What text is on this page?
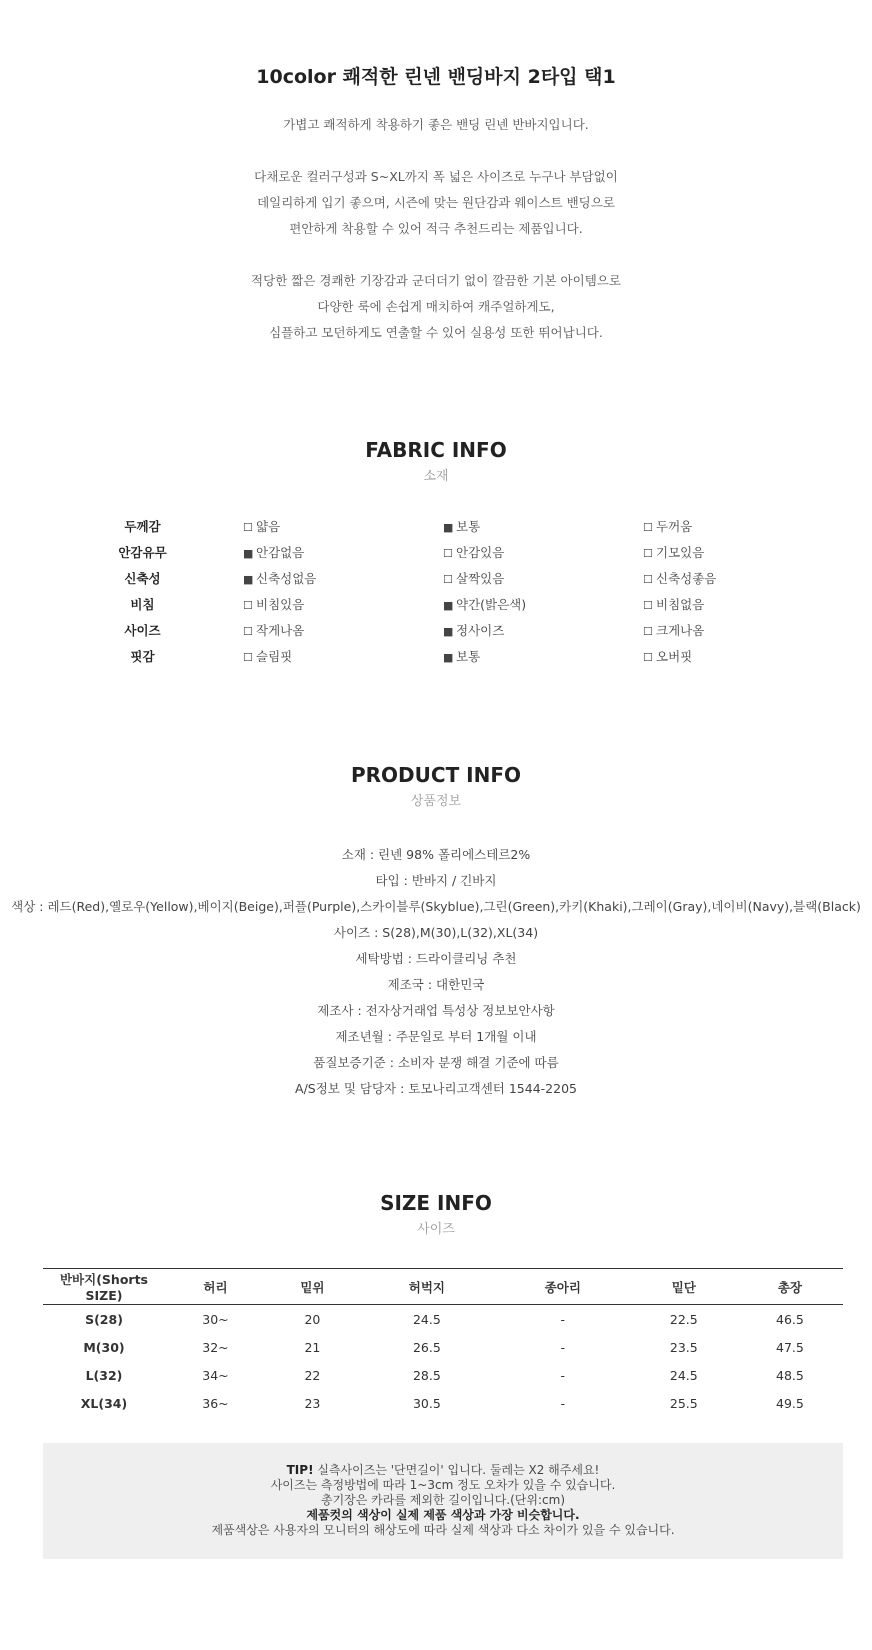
10color 쾌적한 린넨 밴딩바지 2타입 택1
가볍고 쾌적하게 착용하기 좋은 밴딩 린넨 반바지입니다.
다채로운 컬러구성과 S~XL까지 폭 넓은 사이즈로 누구나 부담없이
데일리하게 입기 좋으며, 시즌에 맞는 원단감과 웨이스트 밴딩으로
편안하게 착용할 수 있어 적극 추천드리는 제품입니다.
적당한 짧은 경쾌한 기장감과 군더더기 없이 깔끔한 기본 아이템으로
다양한 룩에 손쉽게 매치하여 캐주얼하게도,
심플하고 모던하게도 연출할 수 있어 실용성 또한 뛰어납니다.
FABRIC INFO
소재
두께감	☐ 얇음	■ 보통	☐ 두꺼움
안감유무	■ 안감없음	☐ 안감있음	☐ 기모있음
신축성	■ 신축성없음	☐ 살짝있음	☐ 신축성좋음
비침	☐ 비침있음	■ 약간(밝은색)	☐ 비침없음
사이즈	☐ 작게나옴	■ 정사이즈	☐ 크게나옴
핏감	☐ 슬림핏	■ 보통	☐ 오버핏
PRODUCT INFO
상품정보
소재 : 린넨 98% 폴리에스테르2%
타입 : 반바지 / 긴바지
색상 : 레드(Red),옐로우(Yellow),베이지(Beige),퍼플(Purple),스카이블루(Skyblue),그린(Green),카키(Khaki),그레이(Gray),네이비(Navy),블랙(Black)
사이즈 : S(28),M(30),L(32),XL(34)
세탁방법 : 드라이클리닝 추천
제조국 : 대한민국
제조사 : 전자상거래업 특성상 정보보안사항
제조년월 : 주문일로 부터 1개월 이내
품질보증기준 : 소비자 분쟁 해결 기준에 따름
A/S정보 및 담당자 : 토모나리고객센터 1544-2205
SIZE INFO
사이즈
반바지(Shorts SIZE)	허리	밑위	허벅지	종아리	밑단	총장
S(28)	30~	20	24.5	-	22.5	46.5
M(30)	32~	21	26.5	-	23.5	47.5
L(32)	34~	22	28.5	-	24.5	48.5
XL(34)	36~	23	30.5	-	25.5	49.5
TIP! 실측사이즈는 '단면길이' 입니다. 둘레는 X2 해주세요!
사이즈는 측정방법에 따라 1~3cm 정도 오차가 있을 수 있습니다.
총기장은 카라를 제외한 길이입니다.(단위:cm)
제품컷의 색상이 실제 제품 색상과 가장 비슷합니다.
제품색상은 사용자의 모니터의 해상도에 따라 실제 색상과 다소 차이가 있을 수 있습니다.
